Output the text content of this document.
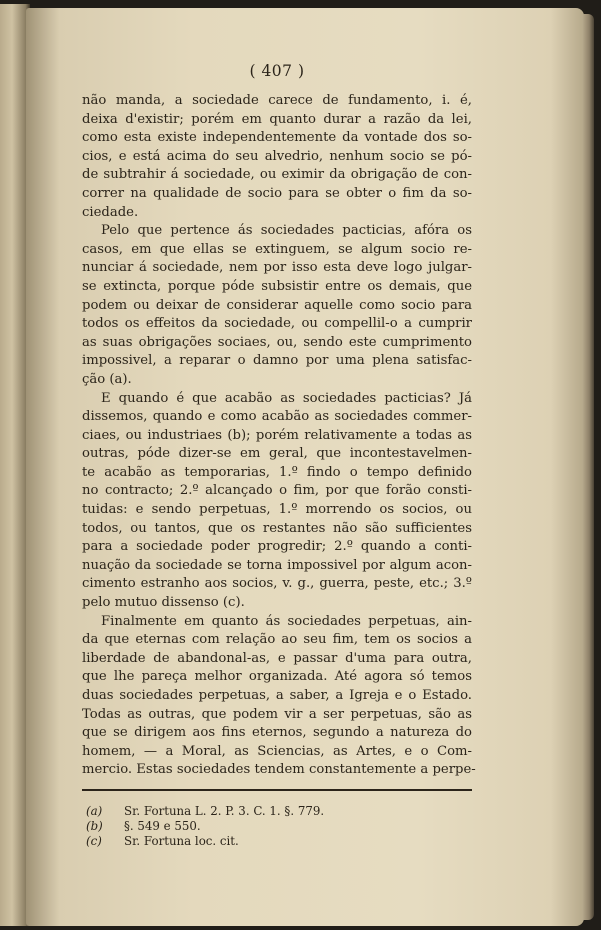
( 407 )
não manda, a sociedade carece de fundamento, i. é,
deixa d'existir; porém em quanto durar a razão da lei,
como esta existe independentemente da vontade dos so-
cios, e está acima do seu alvedrio, nenhum socio se pó-
de subtrahir á sociedade, ou eximir da obrigação de con-
correr na qualidade de socio para se obter o fim da so-
ciedade.
Pelo que pertence ás sociedades pacticias, afóra os
casos, em que ellas se extinguem, se algum socio re-
nunciar á sociedade, nem por isso esta deve logo julgar-
se extincta, porque póde subsistir entre os demais, que
podem ou deixar de considerar aquelle como socio para
todos os effeitos da sociedade, ou compellil-o a cumprir
as suas obrigações sociaes, ou, sendo este cumprimento
impossivel, a reparar o damno por uma plena satisfac-
ção (a).
E quando é que acabão as sociedades pacticias? Já
dissemos, quando e como acabão as sociedades commer-
ciaes, ou industriaes (b); porém relativamente a todas as
outras, póde dizer-se em geral, que incontestavelmen-
te acabão as temporarias, 1.º findo o tempo definido
no contracto; 2.º alcançado o fim, por que forão consti-
tuidas: e sendo perpetuas, 1.º morrendo os socios, ou
todos, ou tantos, que os restantes não são sufficientes
para a sociedade poder progredir; 2.º quando a conti-
nuação da sociedade se torna impossivel por algum acon-
cimento estranho aos socios, v. g., guerra, peste, etc.; 3.º
pelo mutuo dissenso (c).
Finalmente em quanto ás sociedades perpetuas, ain-
da que eternas com relação ao seu fim, tem os socios a
liberdade de abandonal-as, e passar d'uma para outra,
que lhe pareça melhor organizada. Até agora só temos
duas sociedades perpetuas, a saber, a Igreja e o Estado.
Todas as outras, que podem vir a ser perpetuas, são as
que se dirigem aos fins eternos, segundo a natureza do
homem, — a Moral, as Sciencias, as Artes, e o Com-
mercio. Estas sociedades tendem constantemente a perpe-
(a) Sr. Fortuna L. 2. P. 3. C. 1. §. 779.
(b) §. 549 e 550.
(c) Sr. Fortuna loc. cit.
